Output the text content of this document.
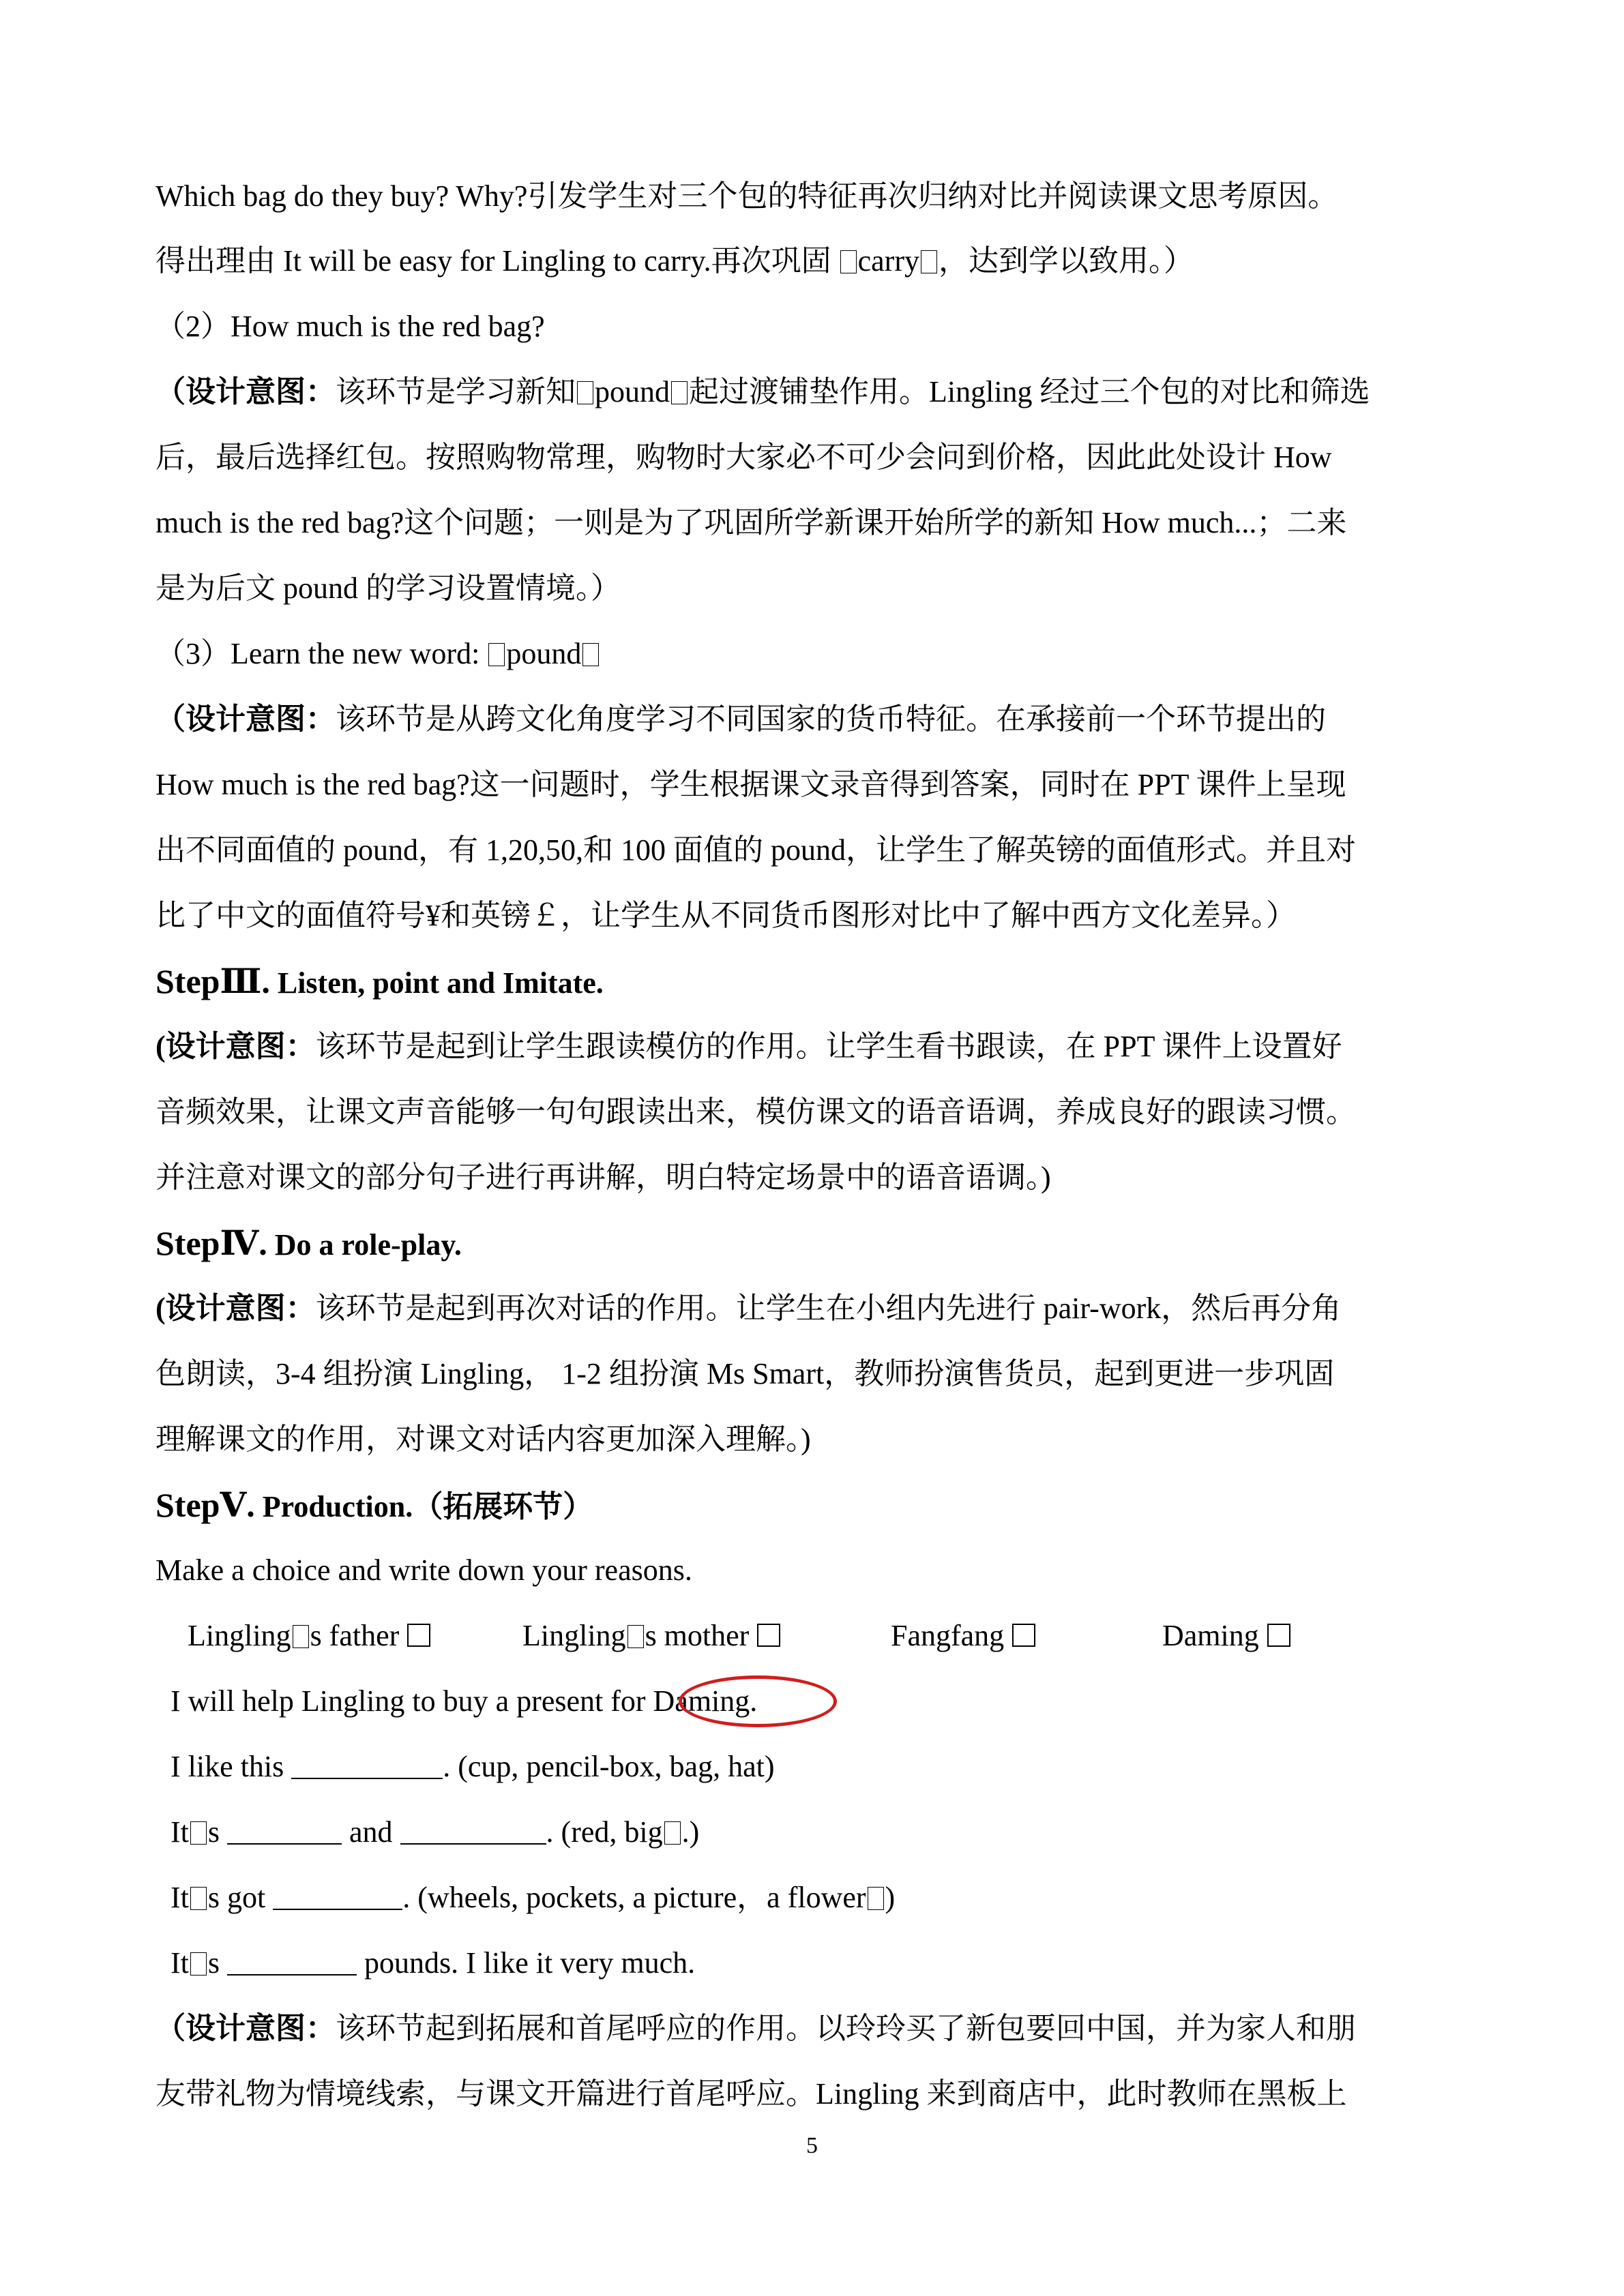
Which bag do they buy? Why?引发学生对三个包的特征再次归纳对比并阅读课文思考原因。
得出理由 It will be easy for Lingling to carry.再次巩固 carry ，达到学以致用。）
（2）How much is the red bag?
（设计意图：该环节是学习新知 pound 起过渡铺垫作用。Lingling 经过三个包的对比和筛选
后，最后选择红包。按照购物常理，购物时大家必不可少会问到价格，因此此处设计 How
much is the red bag?这个问题；一则是为了巩固所学新课开始所学的新知 How much...；二来
是为后文 pound 的学习设置情境。）
（3）Learn the new word: pound
（设计意图：该环节是从跨文化角度学习不同国家的货币特征。在承接前一个环节提出的
How much is the red bag?这一问题时，学生根据课文录音得到答案，同时在 PPT 课件上呈现
出不同面值的 pound，有 1,20,50,和 100 面值的 pound，让学生了解英镑的面值形式。并且对
比了中文的面值符号¥和英镑￡，让学生从不同货币图形对比中了解中西方文化差异。）
StepⅢ. Listen, point and Imitate.
(设计意图：该环节是起到让学生跟读模仿的作用。让学生看书跟读，在 PPT 课件上设置好
音频效果，让课文声音能够一句句跟读出来，模仿课文的语音语调，养成良好的跟读习惯。
并注意对课文的部分句子进行再讲解，明白特定场景中的语音语调。)
StepⅣ. Do a role-play.
(设计意图：该环节是起到再次对话的作用。让学生在小组内先进行 pair-work，然后再分角
色朗读，3-4 组扮演 Lingling， 1-2 组扮演 Ms Smart，教师扮演售货员，起到更进一步巩固
理解课文的作用，对课文对话内容更加深入理解。)
StepⅤ. Production.（拓展环节）
Make a choice and write down your reasons.
Lingling s father	Lingling s mother	Fangfang	Daming
I will help Lingling to buy a present for Daming.
I like this	. (cup, pencil-box, bag, hat)
It s	and	. (red, big .)
It s got	. (wheels, pockets, a picture，a flower )
It s	pounds. I like it very much.
（设计意图：该环节起到拓展和首尾呼应的作用。以玲玲买了新包要回中国，并为家人和朋
友带礼物为情境线索，与课文开篇进行首尾呼应。Lingling 来到商店中，此时教师在黑板上
5
